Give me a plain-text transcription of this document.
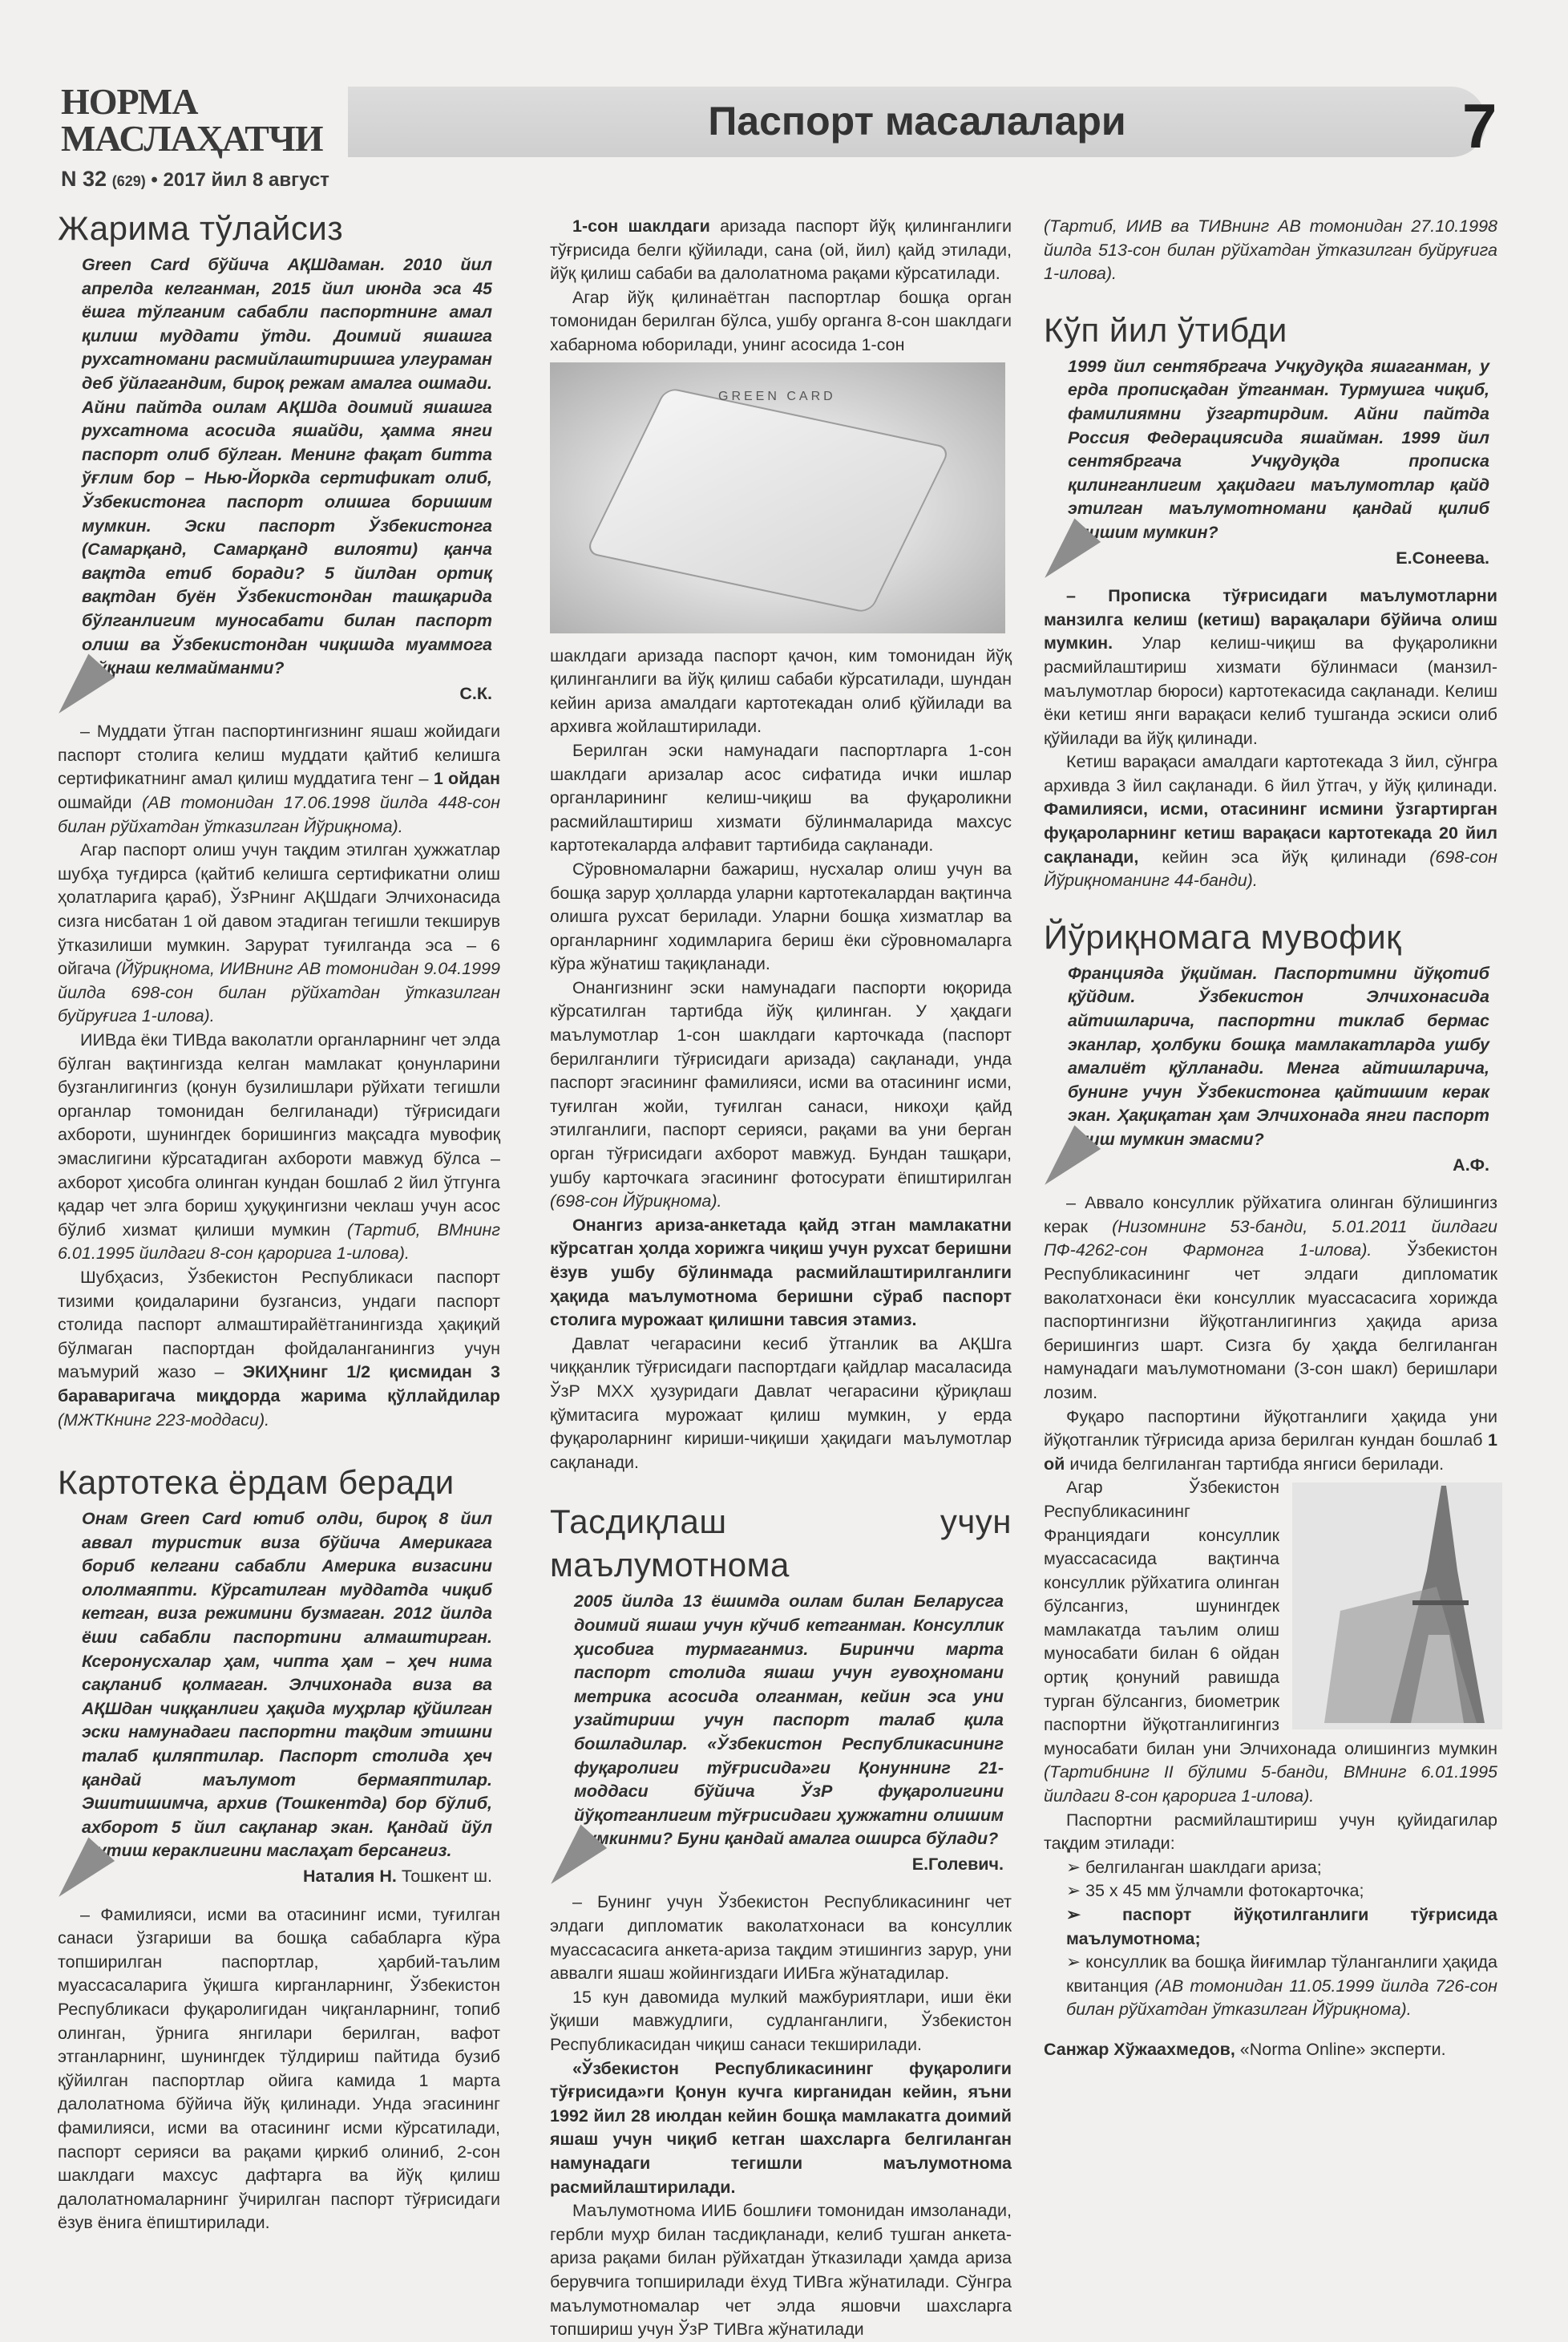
НОРМА МАСЛАҲАТЧИ
N 32 (629) • 2017 йил 8 август
Паспорт масалалари	7
Жарима тўлайсиз
Green Card бўйича АҚШдаман. 2010 йил апрелда келганман, 2015 йил июнда эса 45 ёшга тўлганим сабабли паспортнинг амал қилиш муддати ўтди. Доимий яшашга рухсатномани расмийлаштиришга улгураман деб ўйлагандим, бироқ режам амалга ошмади. Айни пайтда оилам АҚШда доимий яшашга рухсатнома асосида яшайди, ҳамма янги паспорт олиб бўлган. Менинг фақат битта ўғлим бор – Нью-Йоркда сертификат олиб, Ўзбекистонга паспорт олишга боришим мумкин. Эски паспорт Ўзбекистонга (Самарқанд, Самарқанд вилояти) қанча вақтда етиб боради? 5 йилдан ортиқ вақтдан буён Ўзбекистондан ташқарида бўлганлигим муносабати билан паспорт олиш ва Ўзбекистондан чиқишда муаммога тўқнаш келмайманми?
С.К.

– Муддати ўтган паспортингизнинг яшаш жойидаги паспорт столига келиш муддати қайтиб келишга сертификатнинг амал қилиш муддатига тенг – 1 ойдан ошмайди (АВ томонидан 17.06.1998 йилда 448-сон билан рўйхатдан ўтказилган Йўриқнома).

Агар паспорт олиш учун тақдим этилган ҳужжатлар шубҳа туғдирса (қайтиб келишга сертификатни олиш ҳолатларига қараб), ЎзРнинг АҚШдаги Элчихонасида сизга нисбатан 1 ой давом этадиган тегишли текширув ўтказилиши мумкин. Зарурат туғилганда эса – 6 ойгача (Йўриқнома, ИИВнинг АВ томонидан 9.04.1999 йилда 698-сон билан рўйхатдан ўтказилган буйруғига 1-илова).

ИИВда ёки ТИВда ваколатли органларнинг чет элда бўлган вақтингизда келган мамлакат қонунларини бузганлигингиз (қонун бузилишлари рўйхати тегишли органлар томонидан белгиланади) тўғрисидаги ахбороти, шунингдек боришингиз мақсадга мувофиқ эмаслигини кўрсатадиган ахбороти мавжуд бўлса – ахборот ҳисобга олинган кундан бошлаб 2 йил ўтгунга қадар чет элга бориш ҳуқуқингизни чеклаш учун асос бўлиб хизмат қилиши мумкин (Тартиб, ВМнинг 6.01.1995 йилдаги 8-сон қарорига 1-илова).

Шубҳасиз, Ўзбекистон Республикаси паспорт тизими қоидаларини бузгансиз, ундаги паспорт столида паспорт алмаштирайётганингизда ҳақиқий бўлмаган паспортдан фойдаланганингиз учун маъмурий жазо – ЭКИҲнинг 1/2 қисмидан 3 бараваригача миқдорда жарима қўллайдилар (МЖТКнинг 223-моддаси).

Картотека ёрдам беради
Онам Green Card ютиб олди, бироқ 8 йил аввал туристик виза бўйича Америкага бориб келгани сабабли Америка визасини ололмаяпти. Кўрсатилган муддатда чиқиб кетган, виза режимини бузмаган. 2012 йилда ёши сабабли паспортини алмаштирган. Ксеронусхалар ҳам, чипта ҳам – ҳеч нима сақланиб қолмаган. Элчихонада виза ва АҚШдан чиққанлиги ҳақида муҳрлар қўйилган эски намунадаги паспортни тақдим этишни талаб қиляптилар. Паспорт столида ҳеч қандай маълумот бермаяптилар. Эшитишимча, архив (Тошкентда) бор бўлиб, ахборот 5 йил сақланар экан. Қандай йўл тутиш кераклигини маслаҳат берсангиз.
Наталия Н. Тошкент ш.

– Фамилияси, исми ва отасининг исми, туғилган санаси ўзгариши ва бошқа сабабларга кўра топширилган паспортлар, ҳарбий-таълим муассасаларига ўқишга кирганларнинг, Ўзбекистон Республикаси фуқаролигидан чиқганларнинг, топиб олинган, ўрнига янгилари берилган, вафот этганларнинг, шунингдек тўлдириш пайтида бузиб қўйилган паспортлар ойига камида 1 марта далолатнома бўйича йўқ қилинади. Унда эгасининг фамилияси, исми ва отасининг исми кўрсатилади, паспорт серияси ва рақами қиркиб олиниб, 2-сон шаклдаги махсус дафтарга ва йўқ қилиш далолатномаларнинг ўчирилган паспорт тўғрисидаги ёзув ёнига ёпиштирилади.

1-сон шаклдаги аризада паспорт йўқ қилинганлиги тўғрисида белги қўйилади, сана (ой, йил) қайд этилади, йўқ қилиш сабаби ва далолатнома рақами кўрсатилади.

Агар йўқ қилинаётган паспортлар бошқа орган томонидан берилган бўлса, ушбу органга 8-сон шаклдаги хабарнома юборилади, унинг асосида 1-сон

GREEN CARD

шаклдаги аризада паспорт қачон, ким томонидан йўқ қилинганлиги ва йўқ қилиш сабаби кўрсатилади, шундан кейин ариза амалдаги картотекадан олиб қўйилади ва архивга жойлаштирилади.

Берилган эски намунадаги паспортларга 1-сон шаклдаги аризалар асос сифатида ички ишлар органларининг келиш-чиқиш ва фуқароликни расмийлаштириш хизмати бўлинмаларида махсус картотекаларда алфавит тартибида сақланади.

Сўровномаларни бажариш, нусхалар олиш учун ва бошқа зарур ҳолларда уларни картотекалардан вақтинча олишга рухсат берилади. Уларни бошқа хизматлар ва органларнинг ходимларига бериш ёки сўровномаларга кўра жўнатиш тақиқланади.

Онангизнинг эски намунадаги паспорти юқорида кўрсатилган тартибда йўқ қилинган. У ҳақдаги маълумотлар 1-сон шаклдаги карточкада (паспорт берилганлиги тўғрисидаги аризада) сақланади, унда паспорт эгасининг фамилияси, исми ва отасининг исми, туғилган жойи, туғилган санаси, никоҳи қайд этилганлиги, паспорт серияси, рақами ва уни берган орган тўғрисидаги ахборот мавжуд. Бундан ташқари, ушбу карточкага эгасининг фотосурати ёпиштирилган (698-сон Йўриқнома).

Онангиз ариза-анкетада қайд этган мамлакатни кўрсатган ҳолда хорижга чиқиш учун рухсат беришни ёзув ушбу бўлинмада расмийлаштирилганлиги ҳақида маълумотнома беришни сўраб паспорт столига мурожаат қилишни тавсия этамиз.

Давлат чегарасини кесиб ўтганлик ва АҚШга чиққанлик тўғрисидаги паспортдаги қайдлар масаласида ЎзР МХХ ҳузуридаги Давлат чегарасини қўриқлаш қўмитасига мурожаат қилиш мумкин, у ерда фуқароларнинг кириши-чиқиши ҳақидаги маълумотлар сақланади.

Тасдиқлаш учун маълумотнома
2005 йилда 13 ёшимда оилам билан Беларусга доимий яшаш учун кўчиб кетганман. Консуллик ҳисобига турмаганмиз. Биринчи марта паспорт столида яшаш учун гувоҳномани метрика асосида олганман, кейин эса уни узайтириш учун паспорт талаб қила бошладилар. «Ўзбекистон Республикасининг фуқаролиги тўғрисида»ги Қонуннинг 21-моддаси бўйича ЎзР фуқаролигини йўқотганлигим тўғрисидаги ҳужжатни олишим мумкинми? Буни қандай амалга оширса бўлади?
Е.Голевич.

– Бунинг учун Ўзбекистон Республикасининг чет элдаги дипломатик ваколатхонаси ва консуллик муассасасига анкета-ариза тақдим этишингиз зарур, уни аввалги яшаш жойингиздаги ИИБга жўнатадилар.

15 кун давомида мулкий мажбуриятлари, иши ёки ўқиши мавжудлиги, судланганлиги, Ўзбекистон Республикасидан чиқиш санаси текширилади.

«Ўзбекистон Республикасининг фуқаролиги тўғрисида»ги Қонун кучга кирганидан кейин, яъни 1992 йил 28 июлдан кейин бошқа мамлакатга доимий яшаш учун чиқиб кетган шахсларга белгиланган намунадаги тегишли маълумотнома расмийлаштирилади.

Маълумотнома ИИБ бошлиғи томонидан имзоланади, гербли муҳр билан тасдиқланади, келиб тушган анкета-ариза рақами билан рўйхатдан ўтказилади ҳамда ариза берувчига топширилади ёхуд ТИВга жўнатилади. Сўнгра маълумотномалар чет элда яшовчи шахсларга топшириш учун ЎзР ТИВга жўнатилади

(Тартиб, ИИВ ва ТИВнинг АВ томонидан 27.10.1998 йилда 513-сон билан рўйхатдан ўтказилган буйруғига 1-илова).

Кўп йил ўтибди
1999 йил сентябргача Учқудуқда яшаганман, у ерда прописқадан ўтганман. Турмушга чиқиб, фамилиямни ўзгартирдим. Айни пайтда Россия Федерациясида яшайман. 1999 йил сентябргача Учқудуқда прописка қилинганлигим ҳақидаги маълумотлар қайд этилган маълумотномани қандай қилиб олишим мумкин?
Е.Сонеева.

– Прописка тўғрисидаги маълумотларни манзилга келиш (кетиш) варақалари бўйича олиш мумкин. Улар келиш-чиқиш ва фуқароликни расмийлаштириш хизмати бўлинмаси (манзил-маълумотлар бюроси) картотекасида сақланади. Келиш ёки кетиш янги варақаси келиб тушганда эскиси олиб қўйилади ва йўқ қилинади.

Кетиш варақаси амалдаги картотекада 3 йил, сўнгра архивда 3 йил сақланади. 6 йил ўтгач, у йўқ қилинади. Фамилияси, исми, отасининг исмини ўзгартирган фуқароларнинг кетиш варақаси картотекада 20 йил сақланади, кейин эса йўқ қилинади (698-сон Йўриқноманинг 44-банди).

Йўриқномага мувофиқ
Францияда ўқийман. Паспортимни йўқотиб қўйдим. Ўзбекистон Элчихонасида айтишларича, паспортни тиклаб бермас эканлар, ҳолбуки бошқа мамлакатларда ушбу амалиёт қўлланади. Менга айтишларича, бунинг учун Ўзбекистонга қайтишим керак экан. Ҳақиқатан ҳам Элчихонада янги паспорт олиш мумкин эмасми?
А.Ф.

– Аввало консуллик рўйхатига олинган бўлишингиз керак (Низомнинг 53-банди, 5.01.2011 йилдаги ПФ-4262-сон Фармонга 1-илова). Ўзбекистон Республикасининг чет элдаги дипломатик ваколатхонаси ёки консуллик муассасасига хорижда паспортингизни йўқотганлигингиз ҳақида ариза беришингиз шарт. Сизга бу ҳақда белгиланган намунадаги маълумотномани (3-сон шакл) беришлари лозим.

Фуқаро паспортини йўқотганлиги ҳақида уни йўқотганлик тўғрисида ариза берилган кундан бошлаб 1 ой ичида белгиланган тартибда янгиси берилади.

Агар Ўзбекистон Республикасининг Франциядаги консуллик муассасасида вақтинча консуллик рўйхатига олинган бўлсангиз, шунингдек мамлакатда таълим олиш муносабати билан 6 ойдан ортиқ қонуний равишда турган бўлсангиз, биометрик паспортни йўқотганлигингиз муносабати билан уни Элчихонада олишингиз мумкин (Тартибнинг II бўлими 5-банди, ВМнинг 6.01.1995 йилдаги 8-сон қарорига 1-илова).

Паспортни расмийлаштириш учун қуйидагилар тақдим этилади:

➢ белгиланган шаклдаги ариза;

➢ 35 х 45 мм ўлчамли фотокарточка;

➢ паспорт йўқотилганлиги тўғрисида маълумотнома;

➢ консуллик ва бошқа йиғимлар тўланганлиги ҳақида квитанция (АВ томонидан 11.05.1999 йилда 726-сон билан рўйхатдан ўтказилган Йўриқнома).

Санжар Хўжаахмедов, «Norma Online» эксперти.
